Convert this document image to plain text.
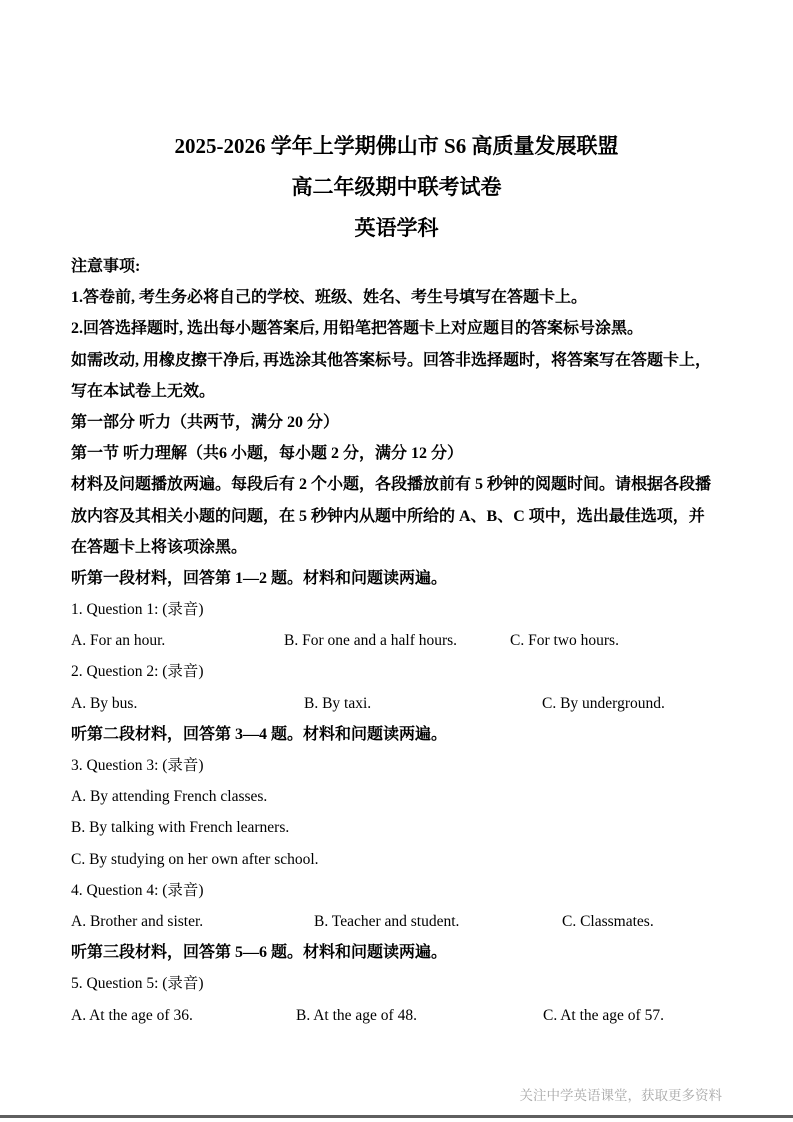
2025-2026 学年上学期佛山市 S6 高质量发展联盟

高二年级期中联考试卷

英语学科

注意事项:

1.答卷前, 考生务必将自己的学校、班级、姓名、考生号填写在答题卡上。

2.回答选择题时, 选出每小题答案后, 用铅笔把答题卡上对应题目的答案标号涂黑。

如需改动, 用橡皮擦干净后, 再选涂其他答案标号。回答非选择题时，将答案写在答题卡上，

写在本试卷上无效。

第一部分 听力（共两节，满分 20 分）

第一节 听力理解（共6 小题，每小题 2 分，满分 12 分）

材料及问题播放两遍。每段后有 2 个小题，各段播放前有 5 秒钟的阅题时间。请根据各段播

放内容及其相关小题的问题，在 5 秒钟内从题中所给的 A、B、C 项中，选出最佳选项，并

在答题卡上将该项涂黑。

听第一段材料，回答第 1—2 题。材料和问题读两遍。

1. Question 1: (录音)

A. For an hour.	B. For one and a half hours.	C. For two hours.

2. Question 2: (录音)

A. By bus.	B. By taxi.	C. By underground.

听第二段材料，回答第 3—4 题。材料和问题读两遍。

3. Question 3: (录音)

A. By attending French classes.

B. By talking with French learners.

C. By studying on her own after school.

4. Question 4: (录音)

A. Brother and sister.	B. Teacher and student.	C. Classmates.

听第三段材料，回答第 5—6 题。材料和问题读两遍。

5. Question 5: (录音)

A. At the age of 36.	B. At the age of 48.	C. At the age of 57.
关注中学英语课堂，获取更多资料
